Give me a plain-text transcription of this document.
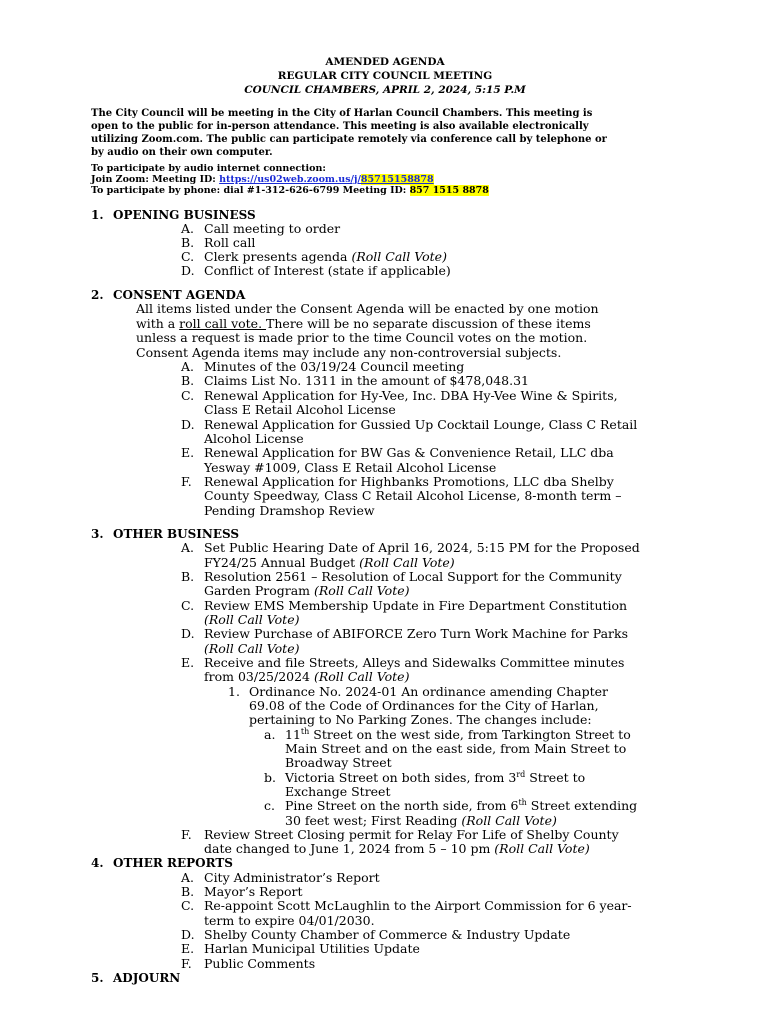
AMENDED AGENDA
REGULAR CITY COUNCIL MEETING
COUNCIL CHAMBERS, APRIL 2, 2024, 5:15 P.M
The City Council will be meeting in the City of Harlan Council Chambers. This meeting is
open to the public for in-person attendance. This meeting is also available electronically
utilizing Zoom.com. The public can participate remotely via conference call by telephone or
by audio on their own computer.
To participate by audio internet connection:
Join Zoom: Meeting ID: https://us02web.zoom.us/j/85715158878
To participate by phone: dial #1-312-626-6799 Meeting ID: 857 1515 8878
1. OPENING BUSINESS
A. Call meeting to order
B. Roll call
C. Clerk presents agenda (Roll Call Vote)
D. Conflict of Interest (state if applicable)
2. CONSENT AGENDA
All items listed under the Consent Agenda will be enacted by one motion
with a roll call vote. There will be no separate discussion of these items
unless a request is made prior to the time Council votes on the motion.
Consent Agenda items may include any non-controversial subjects.
A. Minutes of the 03/19/24 Council meeting
B. Claims List No. 1311 in the amount of $478,048.31
C. Renewal Application for Hy-Vee, Inc. DBA Hy-Vee Wine & Spirits,
Class E Retail Alcohol License
D. Renewal Application for Gussied Up Cocktail Lounge, Class C Retail
Alcohol License
E. Renewal Application for BW Gas & Convenience Retail, LLC dba
Yesway #1009, Class E Retail Alcohol License
F. Renewal Application for Highbanks Promotions, LLC dba Shelby
County Speedway, Class C Retail Alcohol License, 8-month term –
Pending Dramshop Review
3. OTHER BUSINESS
A. Set Public Hearing Date of April 16, 2024, 5:15 PM for the Proposed
FY24/25 Annual Budget (Roll Call Vote)
B. Resolution 2561 – Resolution of Local Support for the Community
Garden Program (Roll Call Vote)
C. Review EMS Membership Update in Fire Department Constitution
(Roll Call Vote)
D. Review Purchase of ABIFORCE Zero Turn Work Machine for Parks
(Roll Call Vote)
E. Receive and file Streets, Alleys and Sidewalks Committee minutes
from 03/25/2024 (Roll Call Vote)
1. Ordinance No. 2024-01 An ordinance amending Chapter
69.08 of the Code of Ordinances for the City of Harlan,
pertaining to No Parking Zones. The changes include:
a. 11th Street on the west side, from Tarkington Street to
Main Street and on the east side, from Main Street to
Broadway Street
b. Victoria Street on both sides, from 3rd Street to
Exchange Street
c. Pine Street on the north side, from 6th Street extending
30 feet west; First Reading (Roll Call Vote)
F. Review Street Closing permit for Relay For Life of Shelby County
date changed to June 1, 2024 from 5 – 10 pm (Roll Call Vote)
4. OTHER REPORTS
A. City Administrator’s Report
B. Mayor’s Report
C. Re-appoint Scott McLaughlin to the Airport Commission for 6 year-
term to expire 04/01/2030.
D. Shelby County Chamber of Commerce & Industry Update
E. Harlan Municipal Utilities Update
F. Public Comments
5. ADJOURN
